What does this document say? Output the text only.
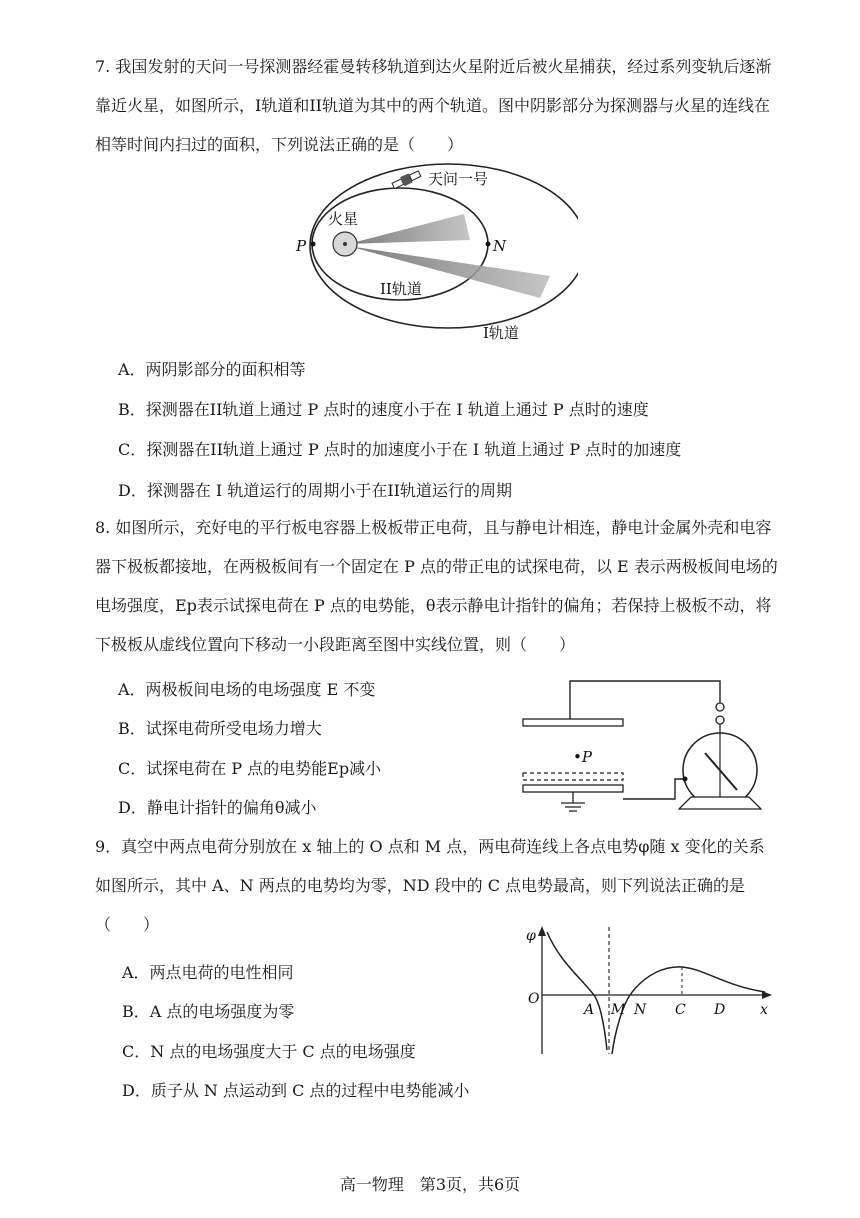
7. 我国发射的天问一号探测器经霍曼转移轨道到达火星附近后被火星捕获，经过系列变轨后逐渐靠近火星，如图所示，I轨道和II轨道为其中的两个轨道。图中阴影部分为探测器与火星的连线在相等时间内扫过的面积，下列说法正确的是（　　）
天问一号
火星
P	N
II轨道
I轨道
A．两阴影部分的面积相等
B．探测器在II轨道上通过 P 点时的速度小于在 I 轨道上通过 P 点时的速度
C．探测器在II轨道上通过 P 点时的加速度小于在 I 轨道上通过 P 点时的加速度
D．探测器在 I 轨道运行的周期小于在II轨道运行的周期
8. 如图所示，充好电的平行板电容器上极板带正电荷，且与静电计相连，静电计金属外壳和电容器下极板都接地，在两极板间有一个固定在 P 点的带正电的试探电荷，以 E 表示两极板间电场的电场强度，Ep表示试探电荷在 P 点的电势能，θ表示静电计指针的偏角；若保持上极板不动，将下极板从虚线位置向下移动一小段距离至图中实线位置，则（　　）
A．两极板间电场的电场强度 E 不变
B．试探电荷所受电场力增大
C．试探电荷在 P 点的电势能Ep减小
D．静电计指针的偏角θ减小
•P
9．真空中两点电荷分别放在 x 轴上的 O 点和 M 点，两电荷连线上各点电势φ随 x 变化的关系如图所示，其中 A、N 两点的电势均为零，ND 段中的 C 点电势最高，则下列说法正确的是（　　）
A．两点电荷的电性相同
B．A 点的电场强度为零
C．N 点的电场强度大于 C 点的电场强度
D．质子从 N 点运动到 C 点的过程中电势能减小
φ
x
O
A M N C D
高一物理　第3页，共6页
